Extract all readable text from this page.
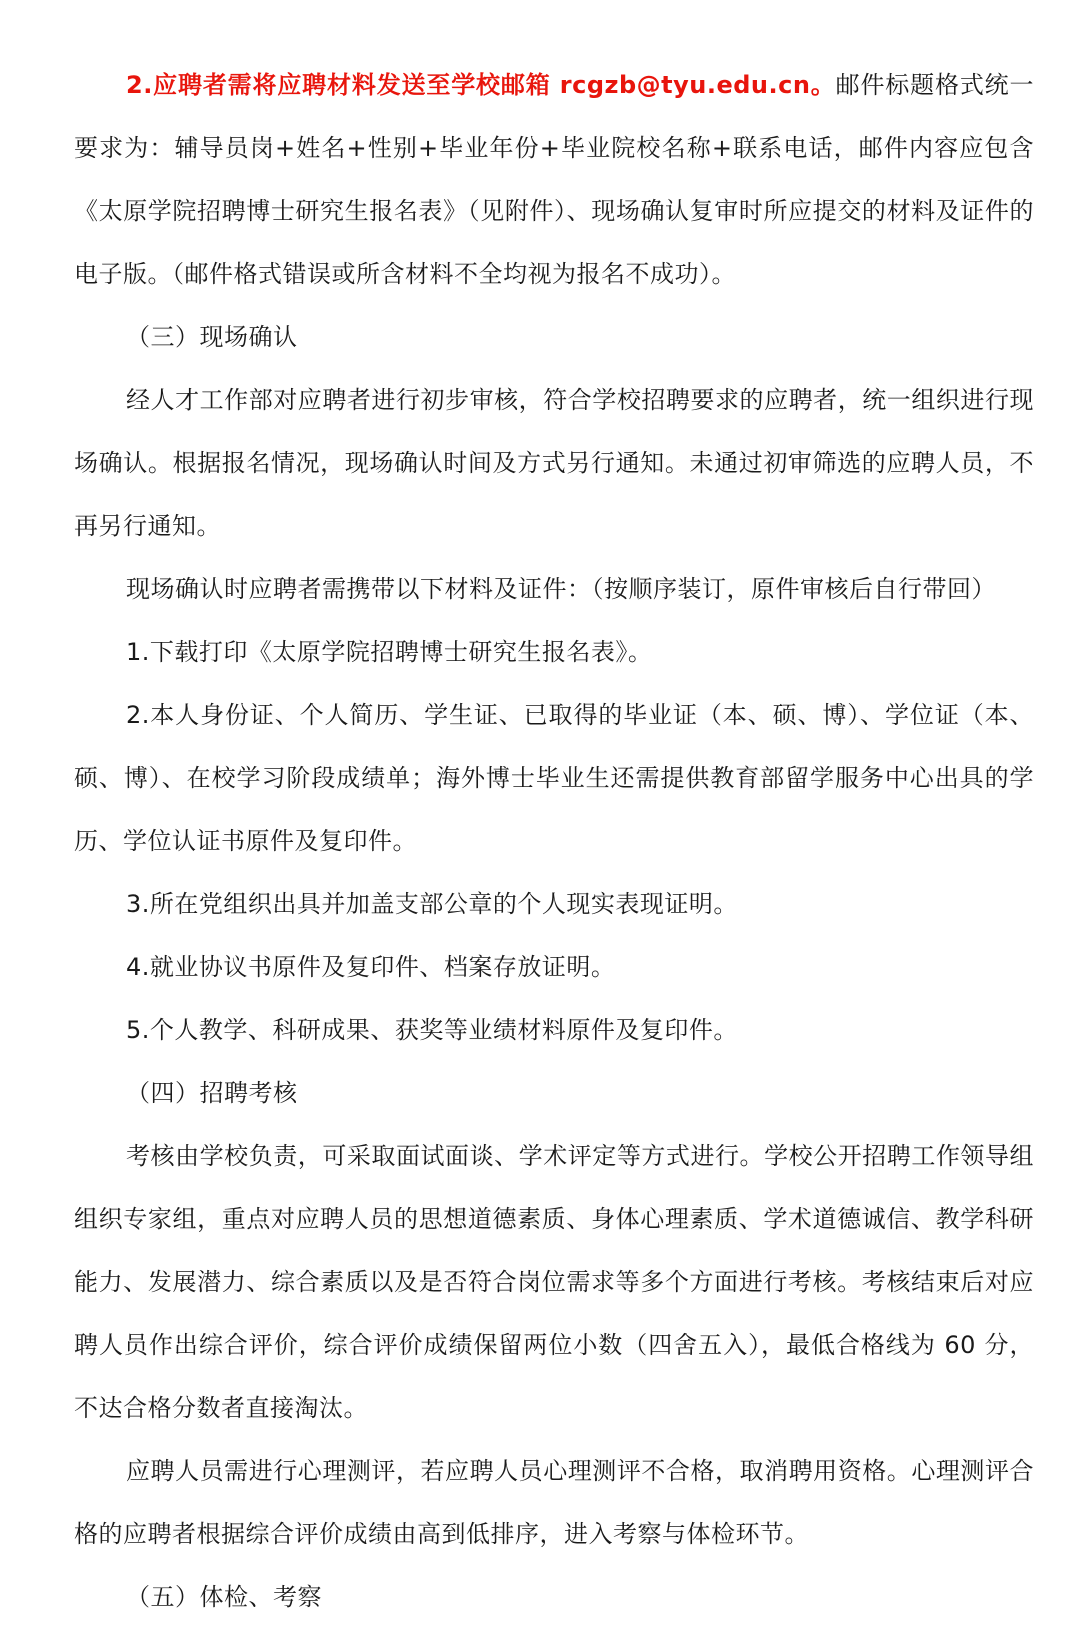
2.应聘者需将应聘材料发送至学校邮箱 rcgzb@tyu.edu.cn。邮件标题格式统一要求为：辅导员岗+姓名+性别+毕业年份+毕业院校名称+联系电话，邮件内容应包含《太原学院招聘博士研究生报名表》（见附件）、现场确认复审时所应提交的材料及证件的电子版。（邮件格式错误或所含材料不全均视为报名不成功）。

（三）现场确认

经人才工作部对应聘者进行初步审核，符合学校招聘要求的应聘者，统一组织进行现场确认。根据报名情况，现场确认时间及方式另行通知。未通过初审筛选的应聘人员，不再另行通知。

现场确认时应聘者需携带以下材料及证件：（按顺序装订，原件审核后自行带回）

1.下载打印《太原学院招聘博士研究生报名表》。

2.本人身份证、个人简历、学生证、已取得的毕业证（本、硕、博）、学位证（本、硕、博）、在校学习阶段成绩单；海外博士毕业生还需提供教育部留学服务中心出具的学历、学位认证书原件及复印件。

3.所在党组织出具并加盖支部公章的个人现实表现证明。

4.就业协议书原件及复印件、档案存放证明。

5.个人教学、科研成果、获奖等业绩材料原件及复印件。

（四）招聘考核

考核由学校负责，可采取面试面谈、学术评定等方式进行。学校公开招聘工作领导组组织专家组，重点对应聘人员的思想道德素质、身体心理素质、学术道德诚信、教学科研能力、发展潜力、综合素质以及是否符合岗位需求等多个方面进行考核。考核结束后对应聘人员作出综合评价，综合评价成绩保留两位小数（四舍五入），最低合格线为 60 分，不达合格分数者直接淘汰。

应聘人员需进行心理测评，若应聘人员心理测评不合格，取消聘用资格。心理测评合格的应聘者根据综合评价成绩由高到低排序，进入考察与体检环节。

（五）体检、考察
